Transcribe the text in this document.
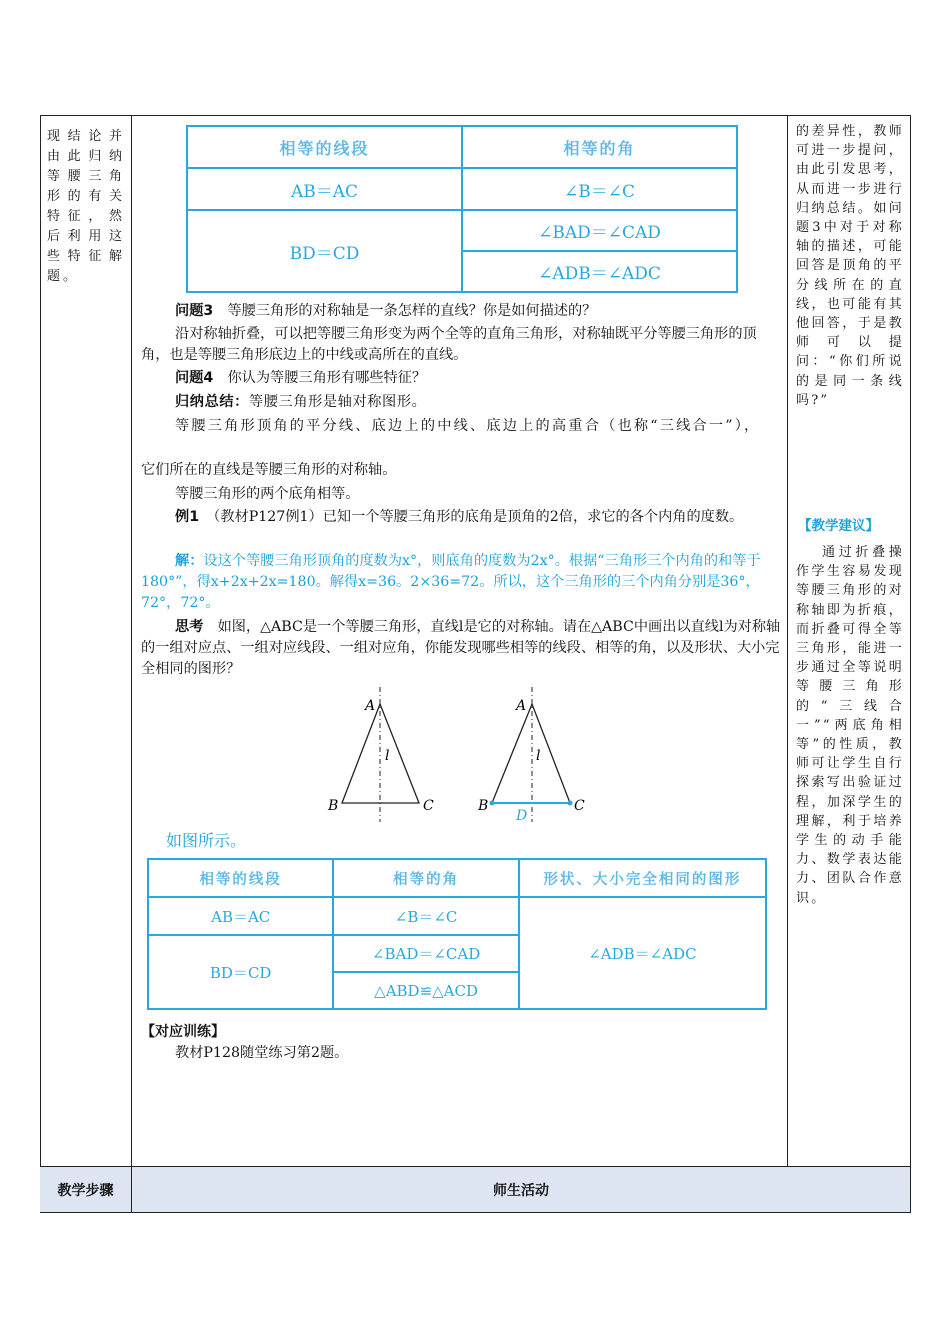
现结论并由此归纳等腰三角形的有关特征，然后利用这些特征解题。
的差异性，教师可进一步提问，由此引发思考，从而进一步进行归纳总结。如问题3中对于对称轴的描述，可能回答是顶角的平分线所在的直线，也可能有其他回答，于是教师可以提问：“你们所说的是同一条线吗?”
【教学建议】
通过折叠操作学生容易发现等腰三角形的对称轴即为折痕，而折叠可得全等三角形，能进一步通过全等说明等腰三角形的“三线合一”“两底角相等”的性质，教师可让学生自行探索写出验证过程，加深学生的理解，利于培养学生的动手能力、数学表达能力、团队合作意识。
相等的线段	相等的角
AB＝AC	∠B＝∠C
BD＝CD	∠BAD＝∠CAD
	∠ADB＝∠ADC
问题3　等腰三角形的对称轴是一条怎样的直线？你是如何描述的？
沿对称轴折叠，可以把等腰三角形变为两个全等的直角三角形，对称轴既平分等腰三角形的顶角，也是等腰三角形底边上的中线或高所在的直线。
问题4　你认为等腰三角形有哪些特征？
归纳总结：等腰三角形是轴对称图形。
等腰三角形顶角的平分线、底边上的中线、底边上的高重合（也称“三线合一”），
它们所在的直线是等腰三角形的对称轴。
等腰三角形的两个底角相等。
例1　（教材P127例1）已知一个等腰三角形的底角是顶角的2倍，求它的各个内角的度数。
解：设这个等腰三角形顶角的度数为x°，则底角的度数为2x°。根据“三角形三个内角的和等于180°”，得x+2x+2x=180。解得x=36。2×36=72。所以，这个三角形的三个内角分别是36°，72°，72°。
思考　如图，△ABC是一个等腰三角形，直线l是它的对称轴。请在△ABC中画出以直线l为对称轴的一组对应点、一组对应线段、一组对应角，你能发现哪些相等的线段、相等的角，以及形状、大小完全相同的图形？
A
B	C
l
A
B	C
D
l
如图所示。
相等的线段	相等的角	形状、大小完全相同的图形
AB＝AC	∠B＝∠C	∠ADB＝∠ADC
BD＝CD	∠BAD＝∠CAD	
	△ABD≌△ACD	
【对应训练】
教材P128随堂练习第2题。
教学步骤	师生活动
